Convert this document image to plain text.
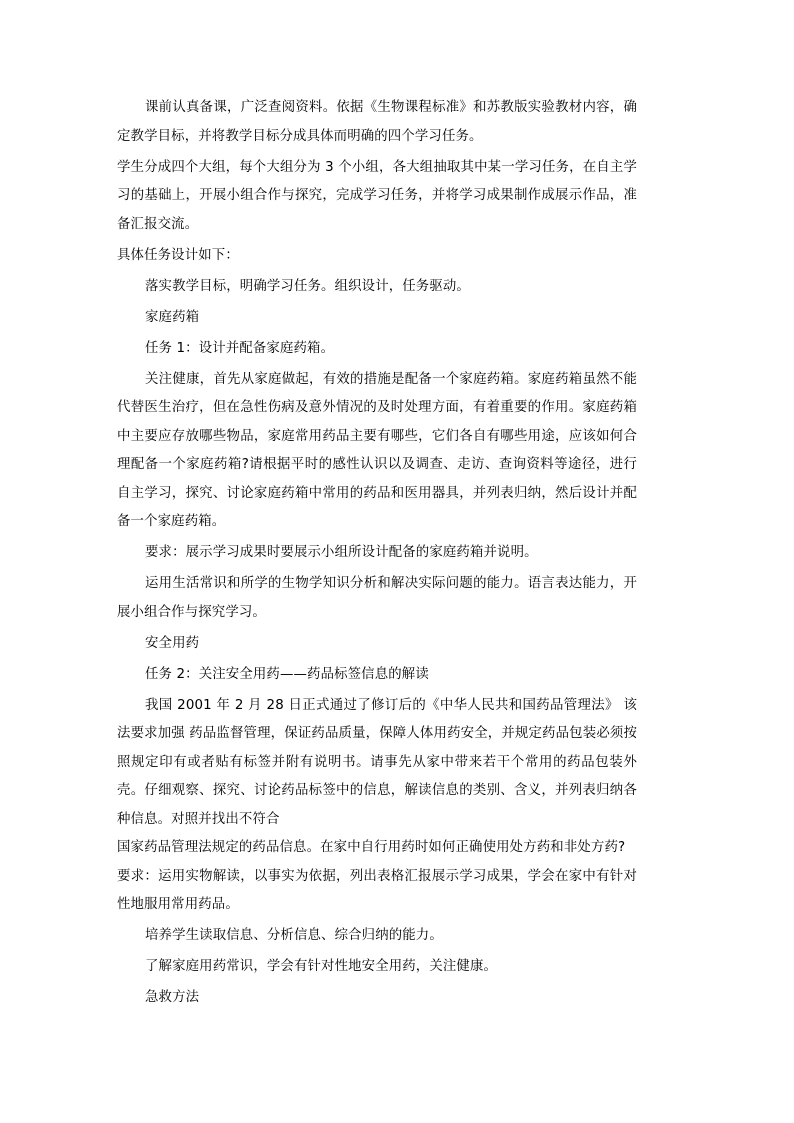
课前认真备课，广泛查阅资料。依据《生物课程标准》和苏教版实验教材内容，确定教学目标，并将教学目标分成具体而明确的四个学习任务。

学生分成四个大组，每个大组分为 3 个小组，各大组抽取其中某一学习任务，在自主学习的基础上，开展小组合作与探究，完成学习任务，并将学习成果制作成展示作品，准备汇报交流。

具体任务设计如下：

落实教学目标，明确学习任务。组织设计，任务驱动。

家庭药箱

任务 1：设计并配备家庭药箱。

关注健康，首先从家庭做起，有效的措施是配备一个家庭药箱。家庭药箱虽然不能代替医生治疗，但在急性伤病及意外情况的及时处理方面，有着重要的作用。家庭药箱中主要应存放哪些物品，家庭常用药品主要有哪些，它们各自有哪些用途，应该如何合理配备一个家庭药箱?请根据平时的感性认识以及调查、走访、查询资料等途径，进行自主学习，探究、讨论家庭药箱中常用的药品和医用器具，并列表归纳，然后设计并配备一个家庭药箱。

要求：展示学习成果时要展示小组所设计配备的家庭药箱并说明。

运用生活常识和所学的生物学知识分析和解决实际问题的能力。语言表达能力，开展小组合作与探究学习。

安全用药

任务 2：关注安全用药——药品标签信息的解读

我国 2001 年 2 月 28 日正式通过了修订后的《中华人民共和国药品管理法》 该法要求加强 药品监督管理，保证药品质量，保障人体用药安全，并规定药品包装必须按照规定印有或者贴有标签并附有说明书。请事先从家中带来若干个常用的药品包装外壳。仔细观察、探究、讨论药品标签中的信息，解读信息的类别、含义，并列表归纳各种信息。对照并找出不符合

国家药品管理法规定的药品信息。在家中自行用药时如何正确使用处方药和非处方药?

要求：运用实物解读，以事实为依据，列出表格汇报展示学习成果，学会在家中有针对性地服用常用药品。

培养学生读取信息、分析信息、综合归纳的能力。

了解家庭用药常识，学会有针对性地安全用药，关注健康。

急救方法
